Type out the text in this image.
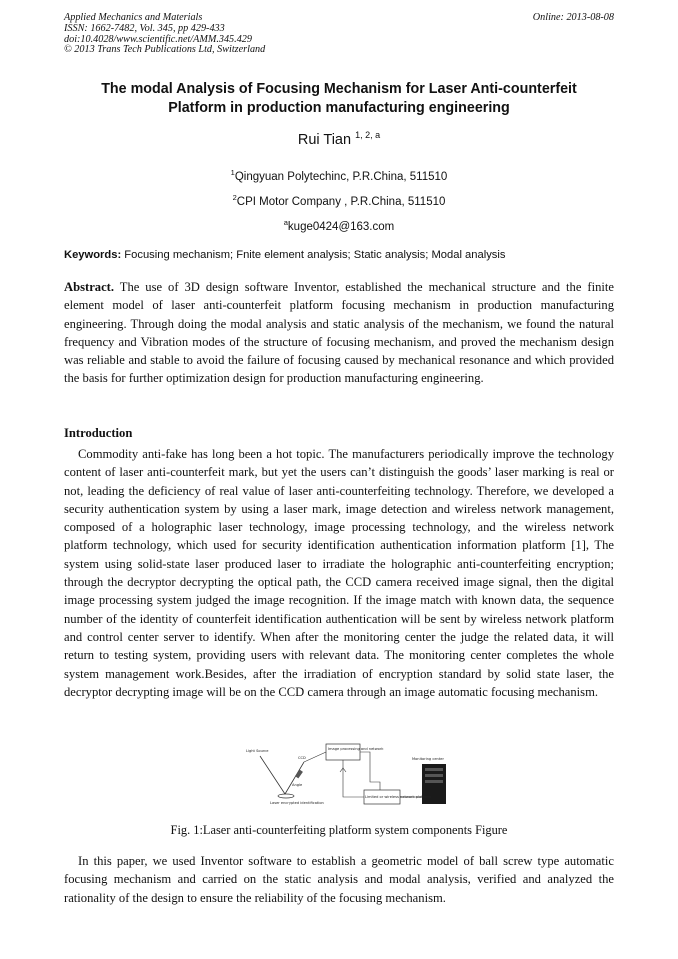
Applied Mechanics and Materials
ISSN: 1662-7482, Vol. 345, pp 429-433
doi:10.4028/www.scientific.net/AMM.345.429
© 2013 Trans Tech Publications Ltd, Switzerland
Online: 2013-08-08
The modal Analysis of Focusing Mechanism for Laser Anti-counterfeit
Platform in production manufacturing engineering
Rui Tian $^{1, 2, a}$
$^1$Qingyuan Polytechinc, P.R.China, 511510
$^2$CPI Motor Company , P.R.China, 511510
$^a$kuge0424@163.com
Keywords: Focusing mechanism; Fnite element analysis; Static analysis; Modal analysis
Abstract. The use of 3D design software Inventor, established the mechanical structure and the finite element model of laser anti-counterfeit platform focusing mechanism in production manufacturing engineering. Through doing the modal analysis and static analysis of the mechanism, we found the natural frequency and Vibration modes of the structure of focusing mechanism, and proved the mechanism design was reliable and stable to avoid the failure of focusing caused by mechanical resonance and which provided the basis for further optimization design for production manufacturing engineering.
Introduction
Commodity anti-fake has long been a hot topic. The manufacturers periodically improve the technology content of laser anti-counterfeit mark, but yet the users can’t distinguish the goods’ laser marking is real or not, leading the deficiency of real value of laser anti-counterfeiting technology. Therefore, we developed a security authentication system by using a laser mark, image detection and wireless network management, composed of a holographic laser technology, image processing technology, and the wireless network platform technology, which used for security identification authentication information platform [1], The system using solid-state laser produced laser to irradiate the holographic anti-counterfeiting encryption; through the decryptor decrypting the optical path, the CCD camera received image signal, then the digital image processing system judged the image recognition. If the image match with known data, the sequence number of the identity of counterfeit identification authentication will be sent by wireless network platform and control center server to identify. When after the monitoring center the judge the related data, it will return to testing system, providing users with relevant data. The monitoring center completes the whole system management work.Besides, after the irradiation of encryption standard by solid state laser, the decryptor decrypting image will be on the CCD camera through an image automatic focusing mechanism.
Light Source
CCD
Image processing and network
Monitoring center
Laser encrypted identification
Angle
Limited or wireless network platform
Fig. 1:Laser anti-counterfeiting platform system components Figure
In this paper, we used Inventor software to establish a geometric model of ball screw type automatic focusing mechanism and carried on the static analysis and modal analysis, verified and analyzed the rationality of the design to ensure the reliability of the focusing mechanism.
